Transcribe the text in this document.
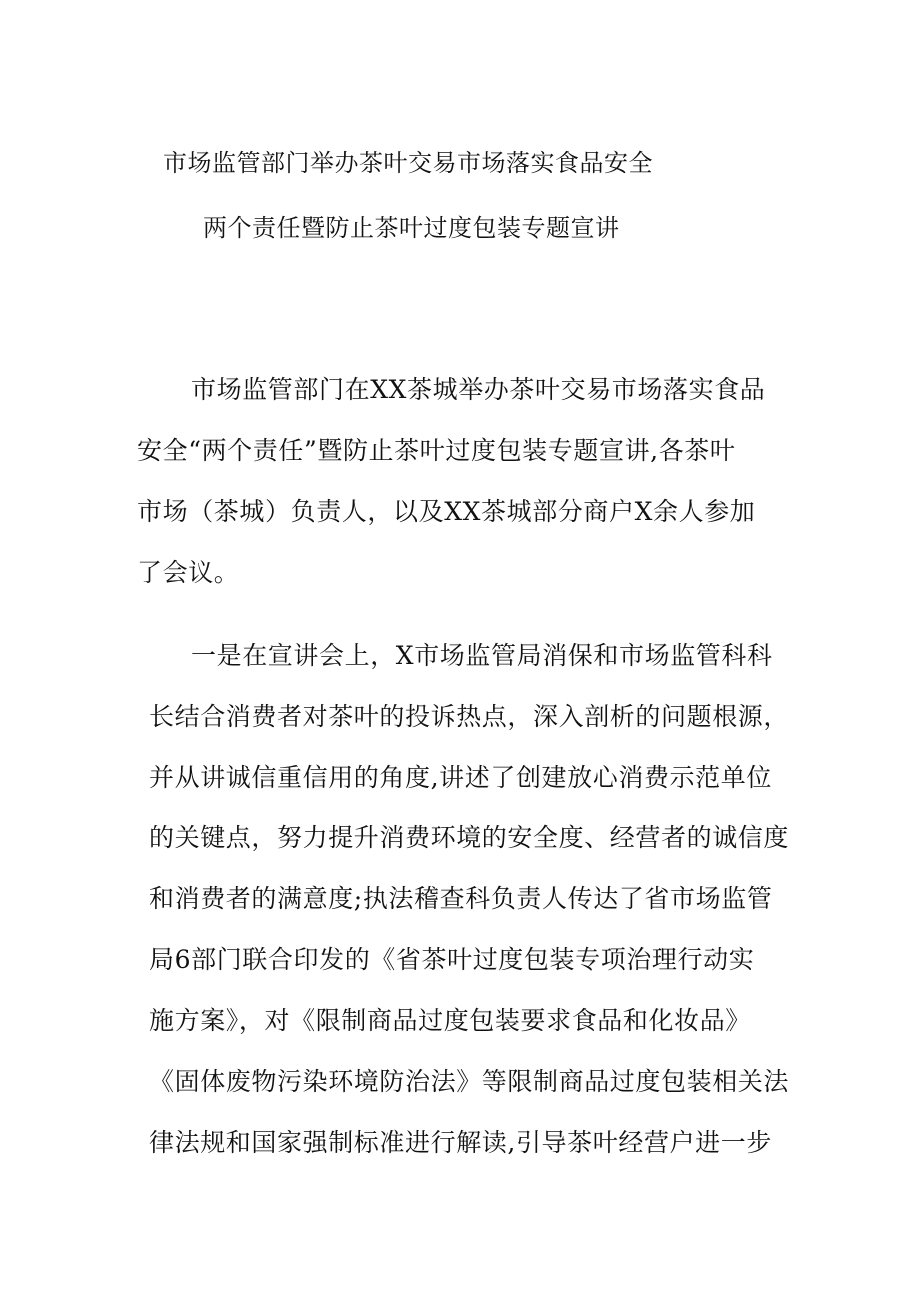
市场监管部门举办茶叶交易市场落实食品安全
两个责任暨防止茶叶过度包装专题宣讲
市场监管部门在XX茶城举办茶叶交易市场落实食品
安全“两个责任”暨防止茶叶过度包装专题宣讲,各茶叶
市场（茶城）负责人，以及XX茶城部分商户X余人参加
了会议。
一是在宣讲会上，X市场监管局消保和市场监管科科
长结合消费者对茶叶的投诉热点，深入剖析的问题根源，
并从讲诚信重信用的角度,讲述了创建放心消费示范单位
的关键点，努力提升消费环境的安全度、经营者的诚信度
和消费者的满意度;执法稽查科负责人传达了省市场监管
局6部门联合印发的《省茶叶过度包装专项治理行动实
施方案》，对《限制商品过度包装要求食品和化妆品》
《固体废物污染环境防治法》等限制商品过度包装相关法
律法规和国家强制标准进行解读,引导茶叶经营户进一步
